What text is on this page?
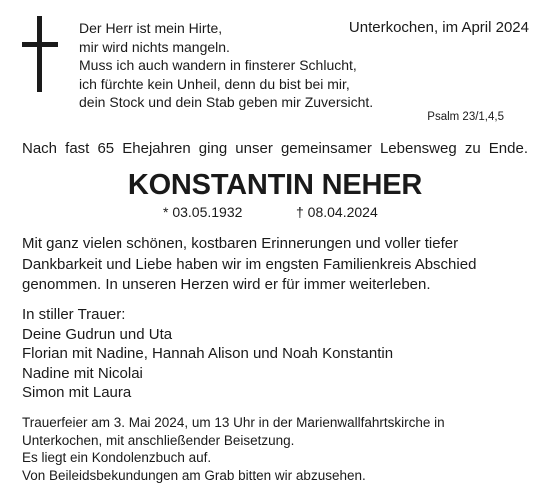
Der Herr ist mein Hirte,
mir wird nichts mangeln.
Muss ich auch wandern in finsterer Schlucht,
ich fürchte kein Unheil, denn du bist bei mir,
dein Stock und dein Stab geben mir Zuversicht.
Unterkochen, im April 2024
Psalm 23/1,4,5
Nach fast 65 Ehejahren ging unser gemeinsamer Lebensweg zu Ende.
KONSTANTIN NEHER
* 03.05.1932	† 08.04.2024
Mit ganz vielen schönen, kostbaren Erinnerungen und voller tiefer
Dankbarkeit und Liebe haben wir im engsten Familienkreis Abschied
genommen. In unseren Herzen wird er für immer weiterleben.
In stiller Trauer:
Deine Gudrun und Uta
Florian mit Nadine, Hannah Alison und Noah Konstantin
Nadine mit Nicolai
Simon mit Laura
Trauerfeier am 3. Mai 2024, um 13 Uhr in der Marienwallfahrtskirche in
Unterkochen, mit anschließender Beisetzung.
Es liegt ein Kondolenzbuch auf.
Von Beileidsbekundungen am Grab bitten wir abzusehen.
